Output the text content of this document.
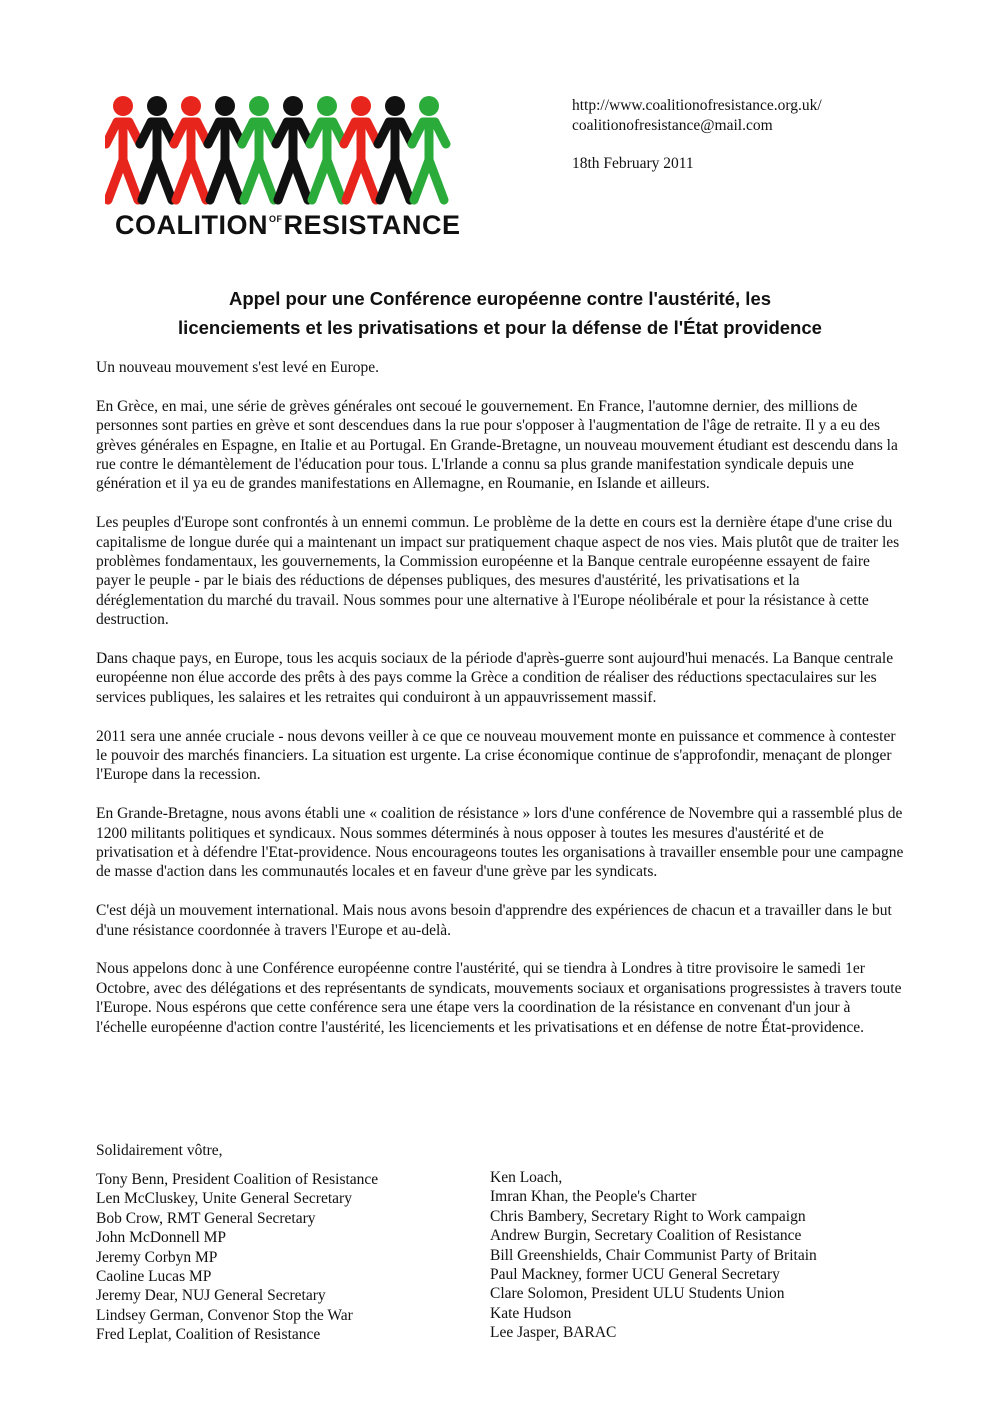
$COALITION^{OF}RESISTANCE$
http://www.coalitionofresistance.org.uk/
coalitionofresistance@mail.com
18th February 2011
Appel pour une Conférence européenne contre l'austérité, les
licenciements et les privatisations et pour la défense de l'État providence

Un nouveau mouvement s'est levé en Europe.

En Grèce, en mai, une série de grèves générales ont secoué le gouvernement. En France, l'automne dernier, des millions de personnes sont parties en grève et sont descendues dans la rue pour s'opposer à l'augmentation de l'âge de retraite. Il y a eu des grèves générales en Espagne, en Italie et au Portugal. En Grande-Bretagne, un nouveau mouvement étudiant est descendu dans la rue contre le démantèlement de l'éducation pour tous. L'Irlande a connu sa plus grande manifestation syndicale depuis une génération et il ya eu de grandes manifestations en Allemagne, en Roumanie, en Islande et ailleurs.

Les peuples d'Europe sont confrontés à un ennemi commun. Le problème de la dette en cours est la dernière étape d'une crise du capitalisme de longue durée qui a maintenant un impact sur pratiquement chaque aspect de nos vies. Mais plutôt que de traiter les problèmes fondamentaux, les gouvernements, la Commission européenne et la Banque centrale européenne essayent de faire payer le peuple - par le biais des réductions de dépenses publiques, des mesures d'austérité, les privatisations et la déréglementation du marché du travail. Nous sommes pour une alternative à l'Europe néolibérale et pour la résistance à cette destruction.

Dans chaque pays, en Europe, tous les acquis sociaux de la période d'après-guerre sont aujourd'hui menacés. La Banque centrale européenne non élue accorde des prêts à des pays comme la Grèce a condition de réaliser des réductions spectaculaires sur les services publiques, les salaires et les retraites qui conduiront à un appauvrissement massif.

2011 sera une année cruciale - nous devons veiller à ce que ce nouveau mouvement monte en puissance et commence à contester le pouvoir des marchés financiers. La situation est urgente. La crise économique continue de s'approfondir, menaçant de plonger l'Europe dans la recession.

En Grande-Bretagne, nous avons établi une « coalition de résistance » lors d'une conférence de Novembre qui a rassemblé plus de 1200 militants politiques et syndicaux. Nous sommes déterminés à nous opposer à toutes les mesures d'austérité et de privatisation et à défendre l'Etat-providence. Nous encourageons toutes les organisations à travailler ensemble pour une campagne de masse d'action dans les communautés locales et en faveur d'une grève par les syndicats.

C'est déjà un mouvement international. Mais nous avons besoin d'apprendre des expériences de chacun et a travailler dans le but d'une résistance coordonnée à travers l'Europe et au-delà.

Nous appelons donc à une Conférence européenne contre l'austérité, qui se tiendra à Londres à titre provisoire le samedi 1er Octobre, avec des délégations et des représentants de syndicats, mouvements sociaux et organisations progressistes à travers toute l'Europe. Nous espérons que cette conférence sera une étape vers la coordination de la résistance en convenant d'un jour à l'échelle européenne d'action contre l'austérité, les licenciements et les privatisations et en défense de notre État-providence.

Solidairement vôtre,
Tony Benn, President Coalition of Resistance
Len McCluskey, Unite General Secretary
Bob Crow, RMT General Secretary
John McDonnell MP
Jeremy Corbyn MP
Caoline Lucas MP
Jeremy Dear, NUJ General Secretary
Lindsey German, Convenor Stop the War
Fred Leplat, Coalition of Resistance
Ken Loach,
Imran Khan, the People's Charter
Chris Bambery, Secretary Right to Work campaign
Andrew Burgin, Secretary Coalition of Resistance
Bill Greenshields, Chair Communist Party of Britain
Paul Mackney, former UCU General Secretary
Clare Solomon, President ULU Students Union
Kate Hudson
Lee Jasper, BARAC
